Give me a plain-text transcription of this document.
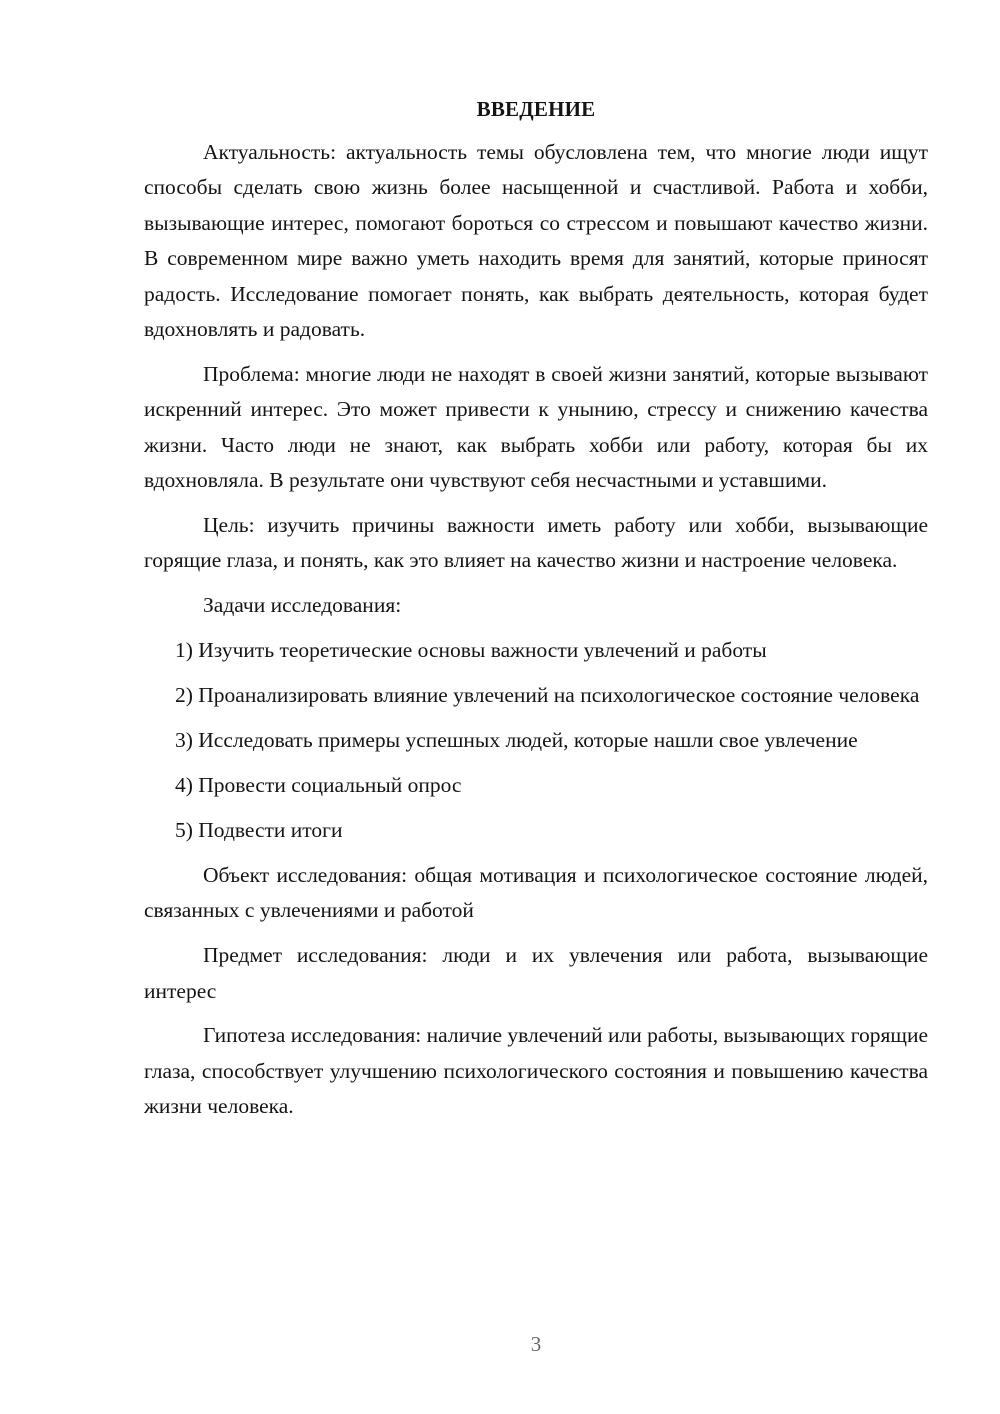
ВВЕДЕНИЕ

Актуальность: актуальность темы обусловлена тем, что многие люди ищут способы сделать свою жизнь более насыщенной и счастливой. Работа и хобби, вызывающие интерес, помогают бороться со стрессом и повышают качество жизни. В современном мире важно уметь находить время для занятий, которые приносят радость. Исследование помогает понять, как выбрать деятельность, которая будет вдохновлять и радовать.

Проблема: многие люди не находят в своей жизни занятий, которые вызывают искренний интерес. Это может привести к унынию, стрессу и снижению качества жизни. Часто люди не знают, как выбрать хобби или работу, которая бы их вдохновляла. В результате они чувствуют себя несчастными и уставшими.

Цель: изучить причины важности иметь работу или хобби, вызывающие горящие глаза, и понять, как это влияет на качество жизни и настроение человека.

Задачи исследования:

1) Изучить теоретические основы важности увлечений и работы

2) Проанализировать влияние увлечений на психологическое состояние человека

3) Исследовать примеры успешных людей, которые нашли свое увлечение

4) Провести социальный опрос

5) Подвести итоги

Объект исследования: общая мотивация и психологическое состояние людей, связанных с увлечениями и работой

Предмет исследования: люди и их увлечения или работа, вызывающие интерес

Гипотеза исследования: наличие увлечений или работы, вызывающих горящие глаза, способствует улучшению психологического состояния и повышению качества жизни человека.

3
